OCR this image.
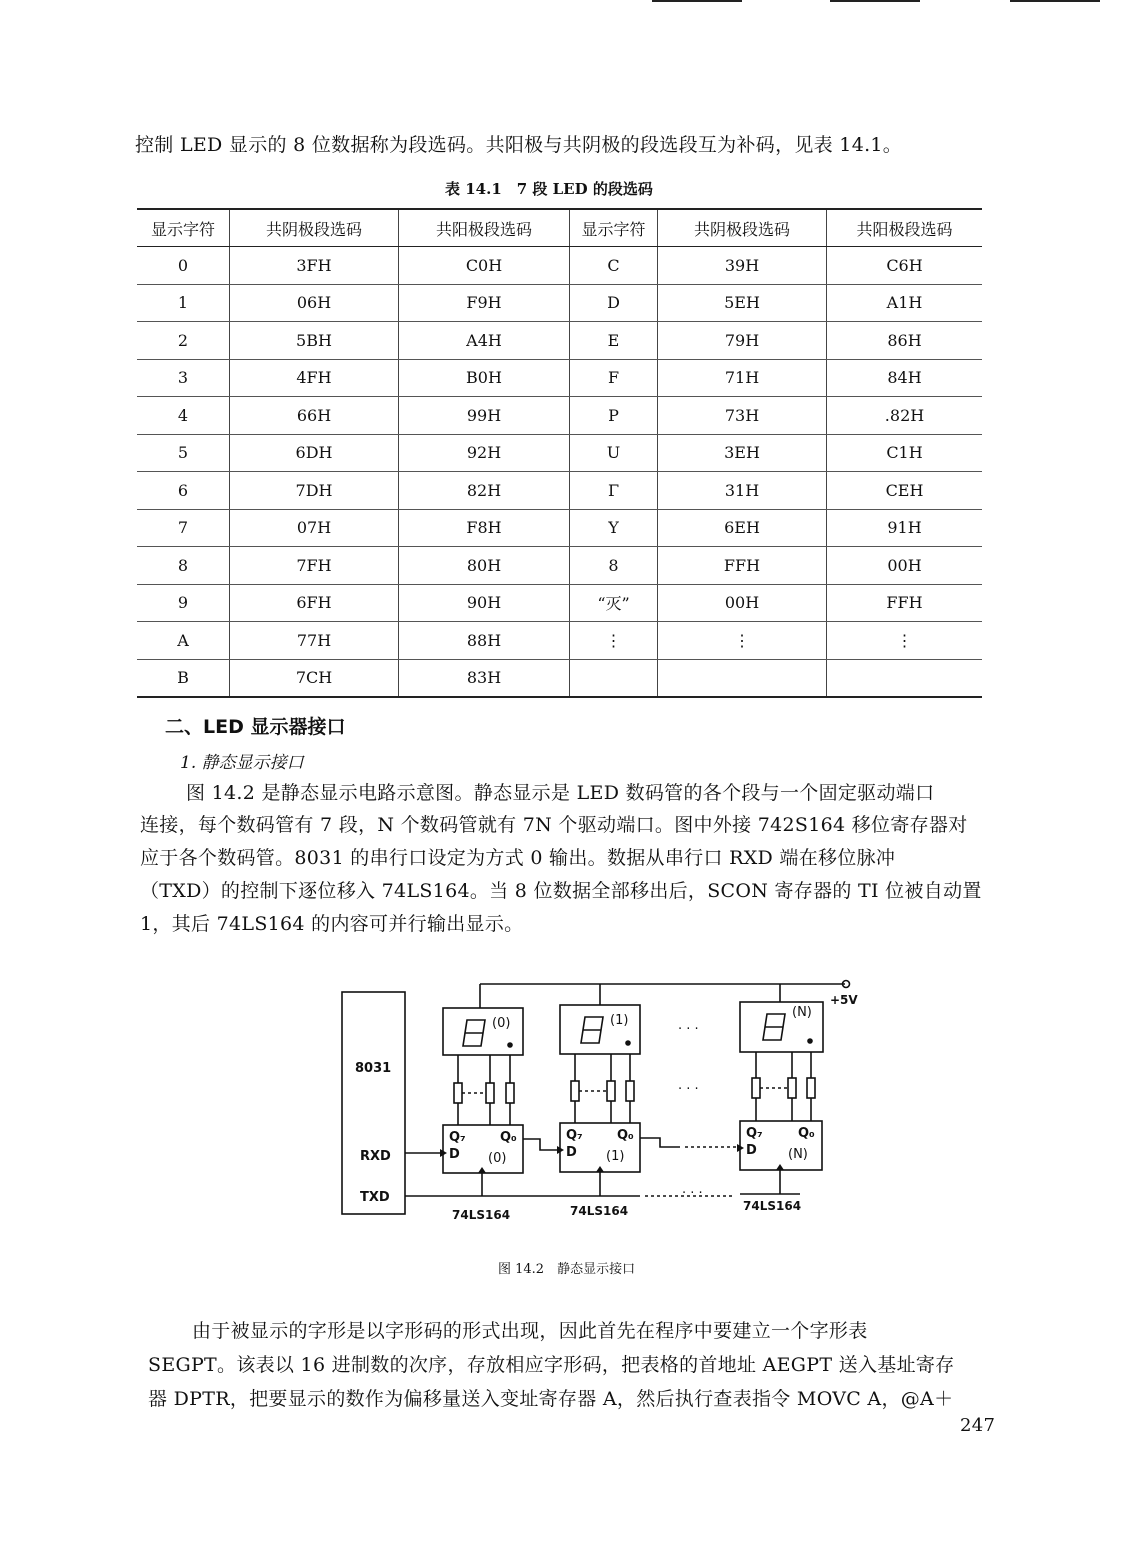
控制 LED 显示的 8 位数据称为段选码。共阳极与共阴极的段选段互为补码，见表 14.1。
表 14.1　7 段 LED 的段选码
显示字符	共阴极段选码	共阳极段选码	显示字符	共阴极段选码	共阳极段选码
0	3FH	C0H	C	39H	C6H
1	06H	F9H	D	5EH	A1H
2	5BH	A4H	E	79H	86H
3	4FH	B0H	F	71H	84H
4	66H	99H	P	73H	.82H
5	6DH	92H	U	3EH	C1H
6	7DH	82H	Γ	31H	CEH
7	07H	F8H	Y	6EH	91H
8	7FH	80H	8	FFH	00H
9	6FH	90H	“灭”	00H	FFH
A	77H	88H	⋮	⋮	⋮
B	7CH	83H			
二、LED 显示器接口
1. 静态显示接口
图 14.2 是静态显示电路示意图。静态显示是 LED 数码管的各个段与一个固定驱动端口
连接，每个数码管有 7 段，N 个数码管就有 7N 个驱动端口。图中外接 742S164 移位寄存器对
应于各个数码管。8031 的串行口设定为方式 0 输出。数据从串行口 RXD 端在移位脉冲
（TXD）的控制下逐位移入 74LS164。当 8 位数据全部移出后，SCON 寄存器的 TI 位被自动置
1，其后 74LS164 的内容可并行输出显示。
8031
RXD
TXD
+5V
(0)	(1)
(N)
Q₇	Q₀
D (0)
Q₇	Q₀
D (1)
Q₇	Q₀
D (N)
74LS164	74LS164	74LS164
· · ·
· · ·
· · ·
图 14.2　静态显示接口
由于被显示的字形是以字形码的形式出现，因此首先在程序中要建立一个字形表
SEGPT。该表以 16 进制数的次序，存放相应字形码，把表格的首地址 AEGPT 送入基址寄存
器 DPTR，把要显示的数作为偏移量送入变址寄存器 A，然后执行查表指令 MOVC A，@A＋
247
